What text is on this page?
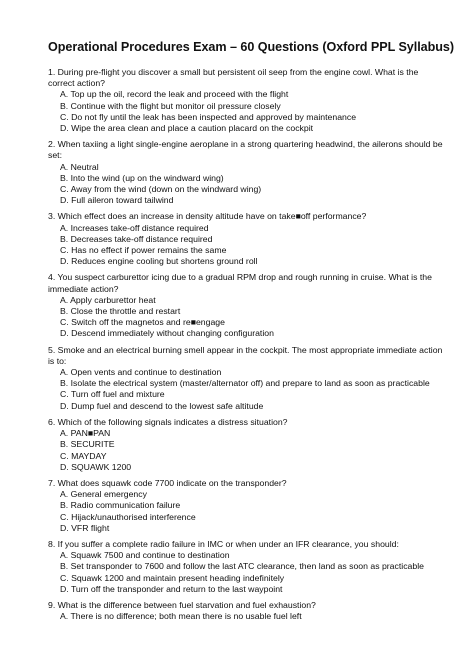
Operational Procedures Exam – 60 Questions (Oxford PPL Syllabus)

1. During pre-flight you discover a small but persistent oil seep from the engine cowl. What is the correct action?

A. Top up the oil, record the leak and proceed with the flight

B. Continue with the flight but monitor oil pressure closely

C. Do not fly until the leak has been inspected and approved by maintenance

D. Wipe the area clean and place a caution placard on the cockpit

2. When taxiing a light single-engine aeroplane in a strong quartering headwind, the ailerons should be set:

A. Neutral

B. Into the wind (up on the windward wing)

C. Away from the wind (down on the windward wing)

D. Full aileron toward tailwind

3. Which effect does an increase in density altitude have on take■off performance?

A. Increases take-off distance required

B. Decreases take-off distance required

C. Has no effect if power remains the same

D. Reduces engine cooling but shortens ground roll

4. You suspect carburettor icing due to a gradual RPM drop and rough running in cruise. What is the immediate action?

A. Apply carburettor heat

B. Close the throttle and restart

C. Switch off the magnetos and re■engage

D. Descend immediately without changing configuration

5. Smoke and an electrical burning smell appear in the cockpit. The most appropriate immediate action is to:

A. Open vents and continue to destination

B. Isolate the electrical system (master/alternator off) and prepare to land as soon as practicable

C. Turn off fuel and mixture

D. Dump fuel and descend to the lowest safe altitude

6. Which of the following signals indicates a distress situation?

A. PAN■PAN

B. SECURITE

C. MAYDAY

D. SQUAWK 1200

7. What does squawk code 7700 indicate on the transponder?

A. General emergency

B. Radio communication failure

C. Hijack/unauthorised interference

D. VFR flight

8. If you suffer a complete radio failure in IMC or when under an IFR clearance, you should:

A. Squawk 7500 and continue to destination

B. Set transponder to 7600 and follow the last ATC clearance, then land as soon as practicable

C. Squawk 1200 and maintain present heading indefinitely

D. Turn off the transponder and return to the last waypoint

9. What is the difference between fuel starvation and fuel exhaustion?

A. There is no difference; both mean there is no usable fuel left
